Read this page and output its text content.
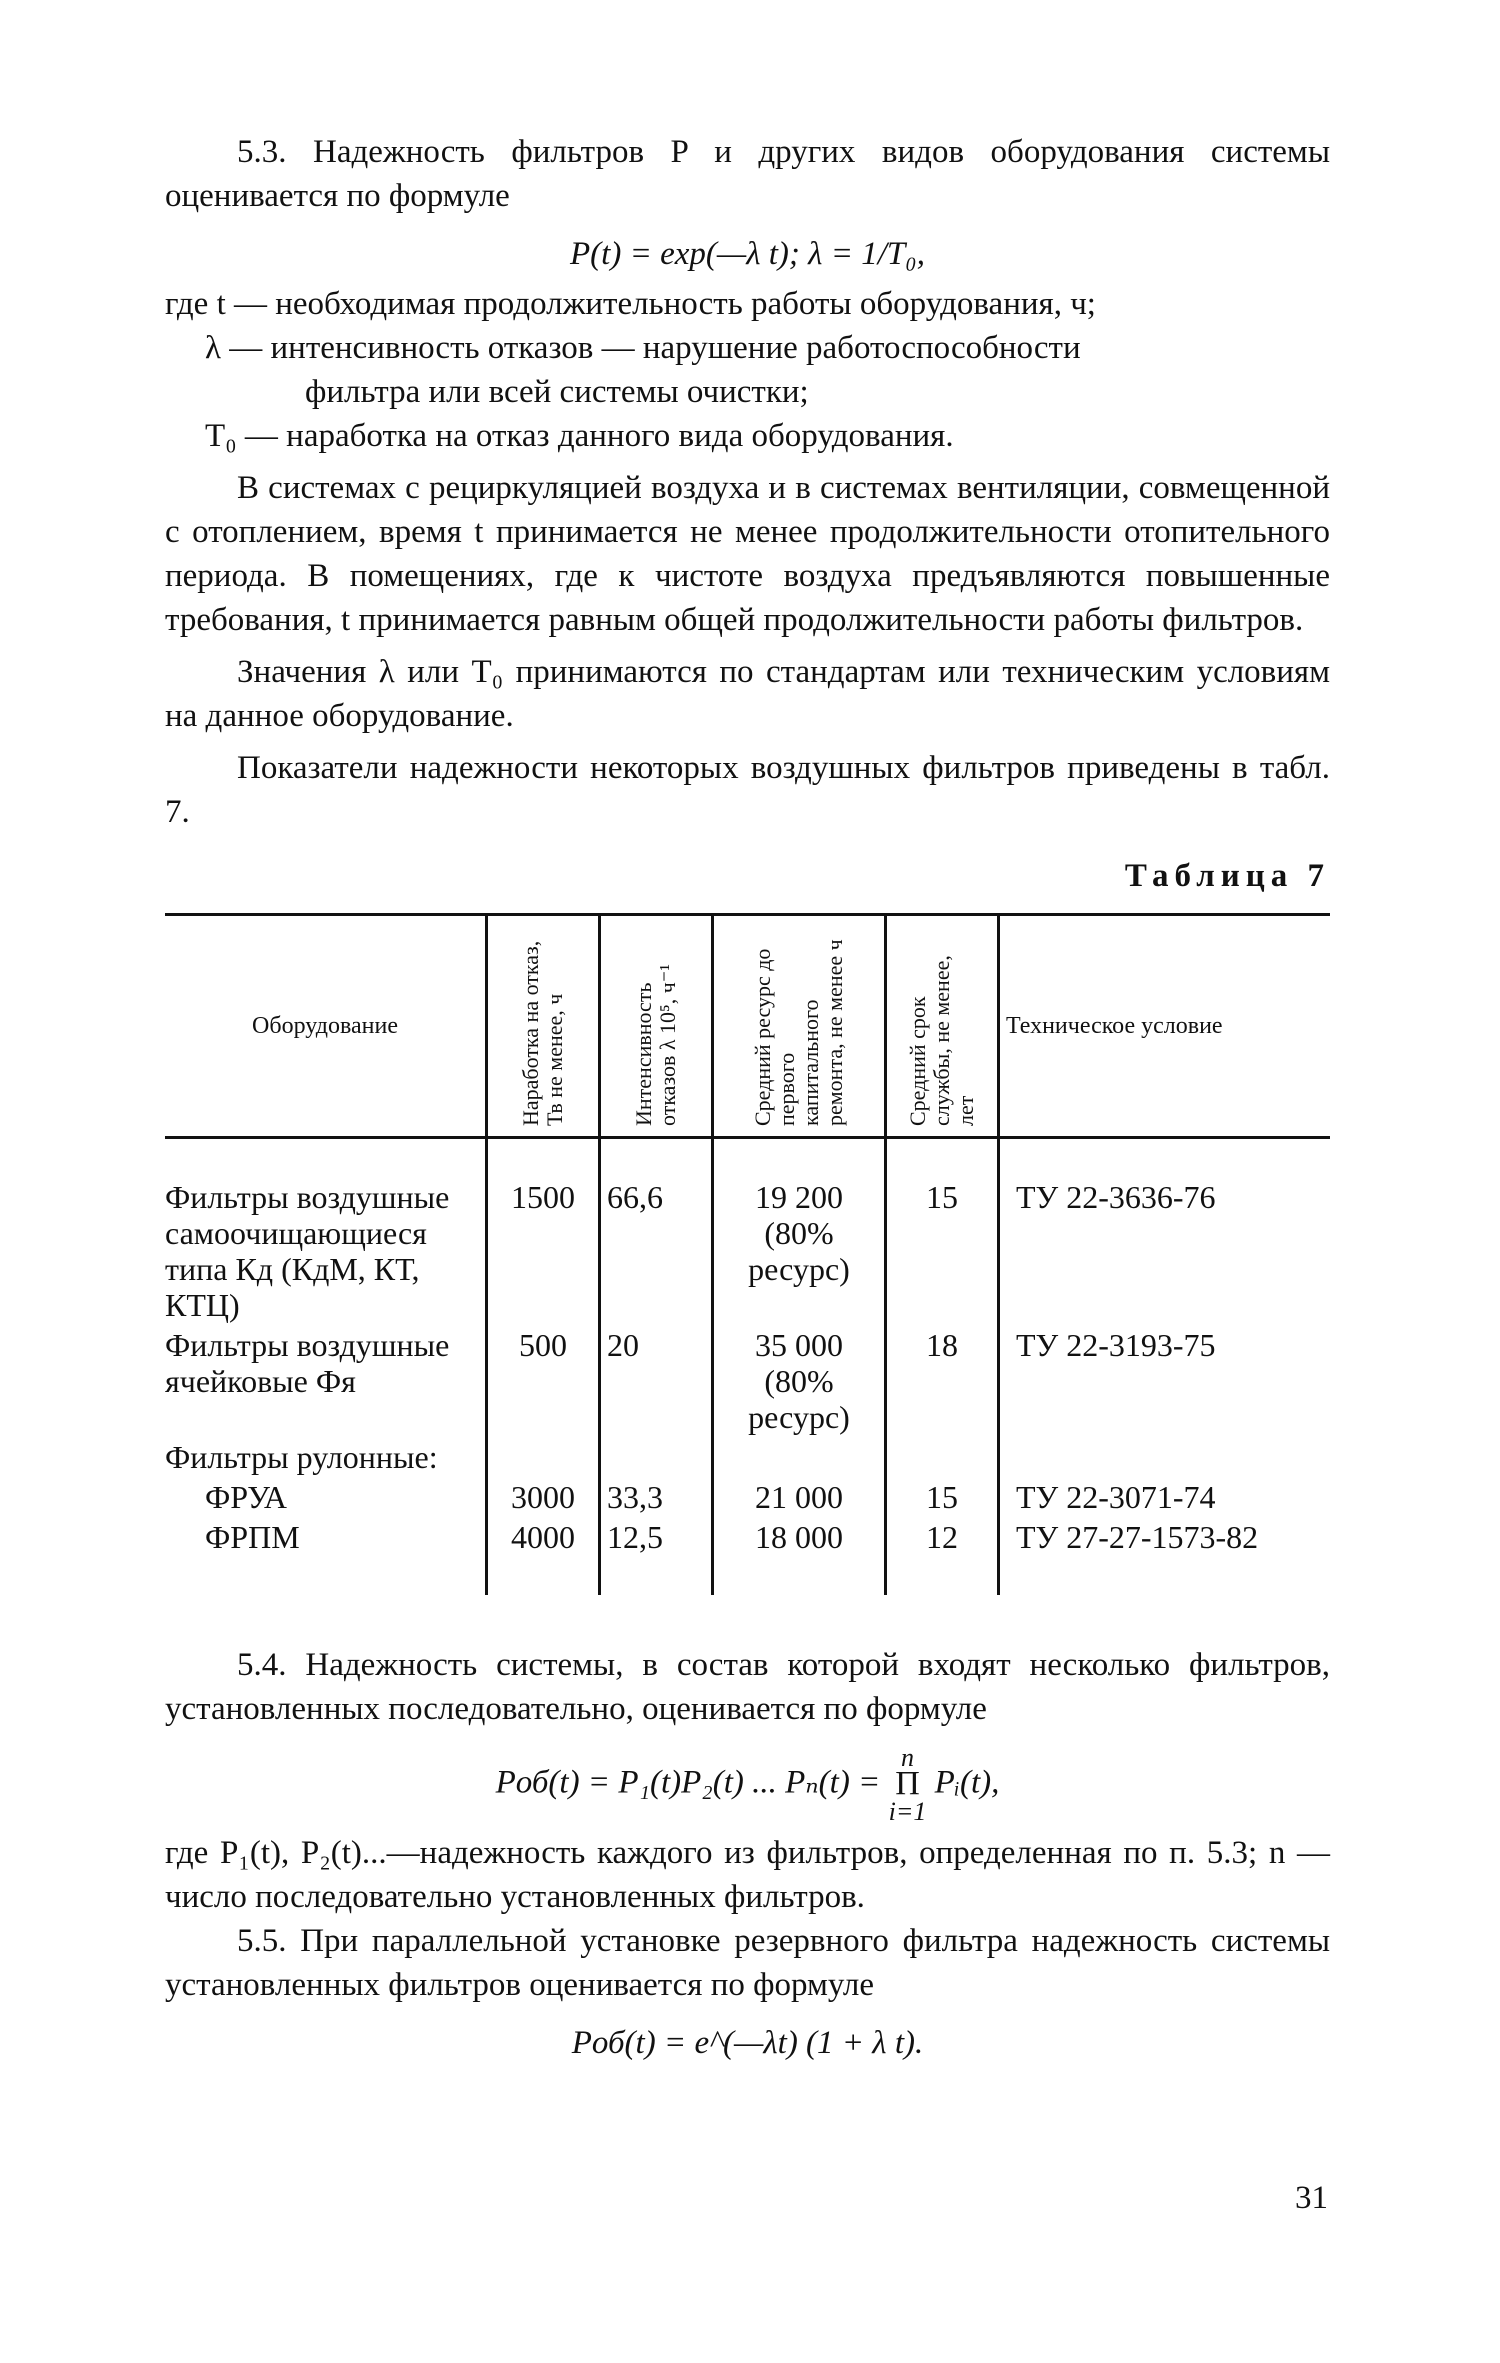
5.3. Надежность фильтров P и других видов оборудования системы оценивается по формуле

P(t) = exp(—λ t); λ = 1/T₀,

где t — необходимая продолжительность работы оборудования, ч;

λ — интенсивность отказов — нарушение работоспособности

фильтра или всей системы очистки;

T₀ — наработка на отказ данного вида оборудования.

В системах с рециркуляцией воздуха и в системах вентиляции, совмещенной с отоплением, время t принимается не менее продолжительности отопительного периода. В помещениях, где к чистоте воздуха предъявляются повышенные требования, t принимается равным общей продолжительности работы фильтров.

Значения λ или T₀ принимаются по стандартам или техническим условиям на данное оборудование.

Показатели надежности некоторых воздушных фильтров приведены в табл. 7.

Таблица 7
Оборудование	Наработка на отказ, Тв не менее, ч	Интенсивность отказов λ 10⁵, ч⁻¹	Средний ресурс до первого капитального ремонта, не менее ч	Средний срок службы, не менее, лет	Техническое условие
Фильтры воздушные самоочищающиеся типа Кд (КдМ, КТ, КТЦ)	1500	66,6	19 200 (80% ресурс)	15	ТУ 22-3636-76
Фильтры воздушные ячейковые Фя	500	20	35 000 (80% ресурс)	18	ТУ 22-3193-75
Фильтры рулонные:					
ФРУА	3000	33,3	21 000	15	ТУ 22-3071-74
ФРПМ	4000	12,5	18 000	12	ТУ 27-27-1573-82

5.4. Надежность системы, в состав которой входят несколько фильтров, установленных последовательно, оценивается по формуле

Pоб(t) = P₁(t)P₂(t) ... Pₙ(t) = n
Π
i=1 Pᵢ(t),

где P₁(t), P₂(t)...—надежность каждого из фильтров, определенная по п. 5.3; n — число последовательно установленных фильтров.

5.5. При параллельной установке резервного фильтра надежность системы установленных фильтров оценивается по формуле

Pоб(t) = e^(—λt) (1 + λ t).
31
